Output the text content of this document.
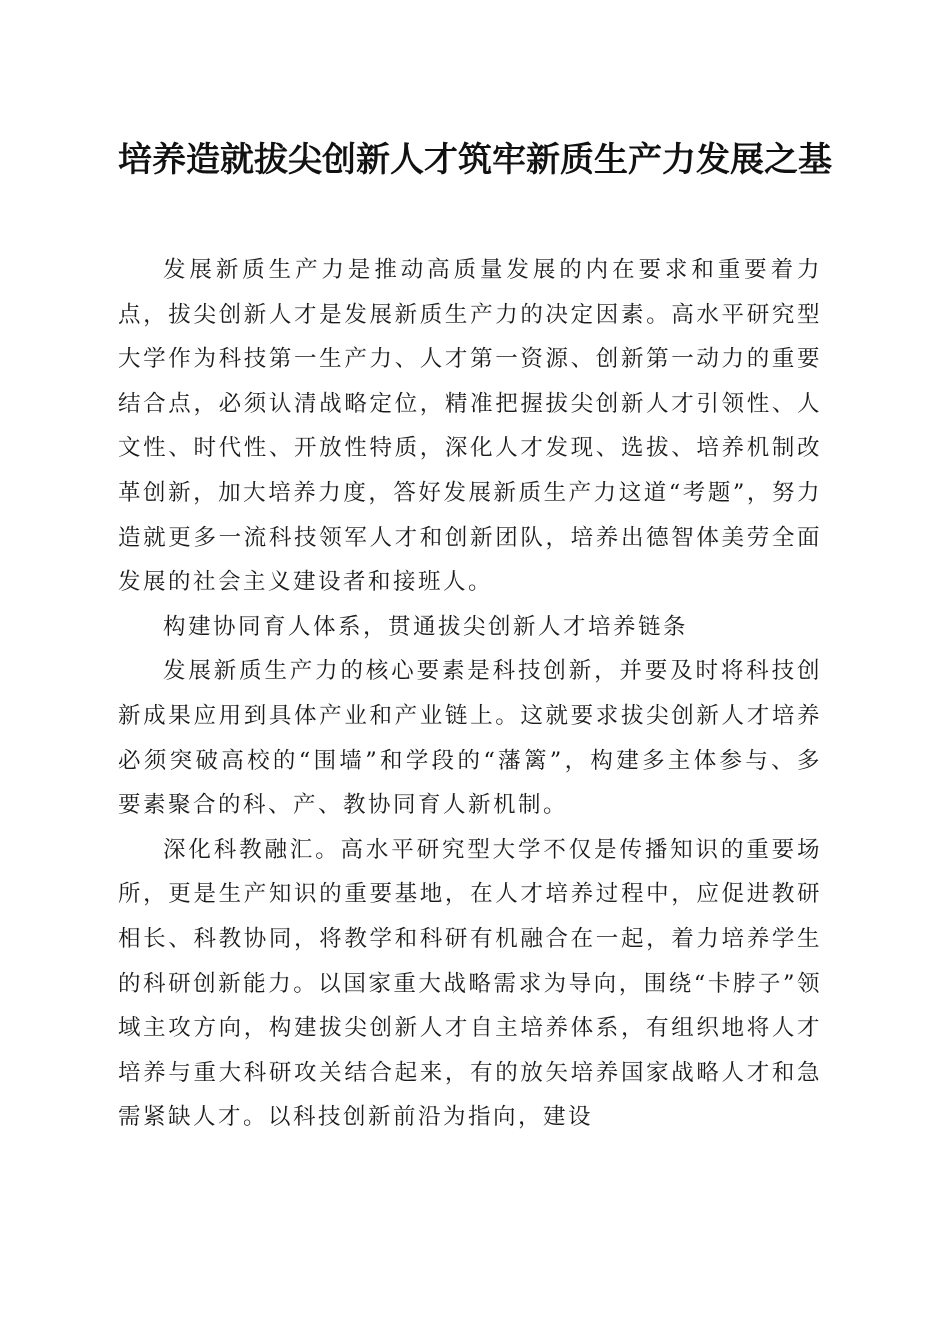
培养造就拔尖创新人才筑牢新质生产力发展之基

发展新质生产力是推动高质量发展的内在要求和重要着力点，拔尖创新人才是发展新质生产力的决定因素。高水平研究型大学作为科技第一生产力、人才第一资源、创新第一动力的重要结合点，必须认清战略定位，精准把握拔尖创新人才引领性、人文性、时代性、开放性特质，深化人才发现、选拔、培养机制改革创新，加大培养力度，答好发展新质生产力这道“考题”，努力造就更多一流科技领军人才和创新团队，培养出德智体美劳全面发展的社会主义建设者和接班人。

构建协同育人体系，贯通拔尖创新人才培养链条

发展新质生产力的核心要素是科技创新，并要及时将科技创新成果应用到具体产业和产业链上。这就要求拔尖创新人才培养必须突破高校的“围墙”和学段的“藩篱”，构建多主体参与、多要素聚合的科、产、教协同育人新机制。

深化科教融汇。高水平研究型大学不仅是传播知识的重要场所，更是生产知识的重要基地，在人才培养过程中，应促进教研相长、科教协同，将教学和科研有机融合在一起，着力培养学生的科研创新能力。以国家重大战略需求为导向，围绕“卡脖子”领域主攻方向，构建拔尖创新人才自主培养体系，有组织地将人才培养与重大科研攻关结合起来，有的放矢培养国家战略人才和急需紧缺人才。以科技创新前沿为指向，建设
